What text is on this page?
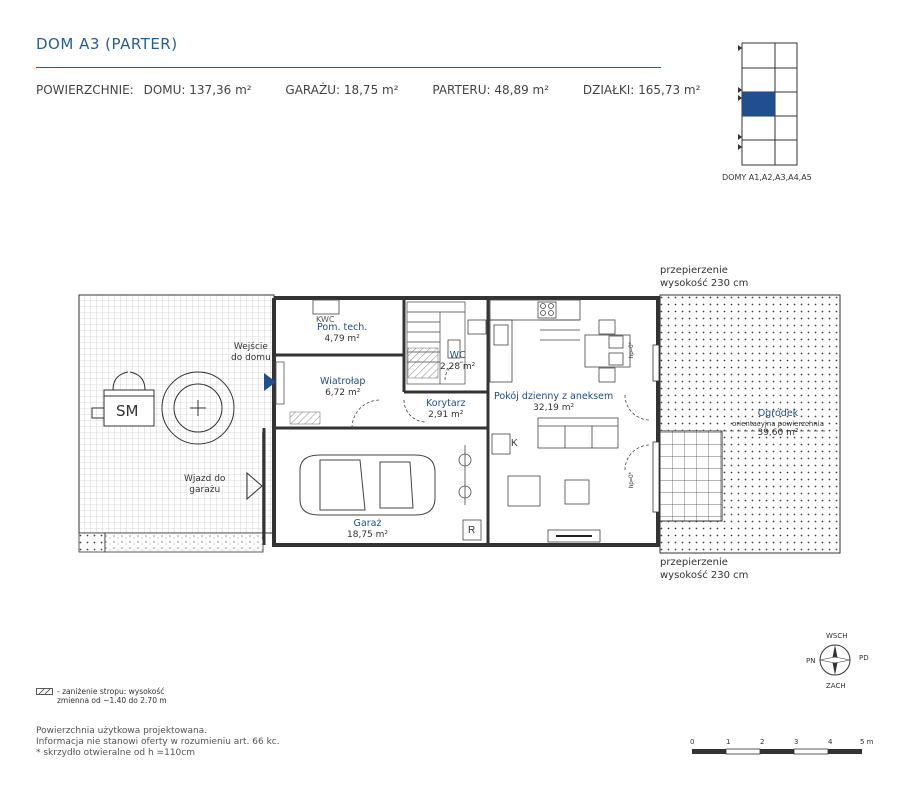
DOM A3 (PARTER)
POWIERZCHNIE: DOMU: 137,36 m²	GARAŻU: 18,75 m²	PARTERU: 48,89 m²	DZIAŁKI: 165,73 m²
DOMY A1,A2,A3,A4,A5
Pom. tech.
4,79 m²
KWC
Wiatrołap
6,72 m²
WC
2,28 m²
Korytarz
2,91 m²
Pokój dzienny z aneksem
32,19 m²
Garaż
18,75 m²
Ogródek
orientacyjna powierzchnia
39,60 m²
Wejście
do domu
Wjazd do
garażu
SM
K
R
hp=0*
hp=0*
przepierzenie
wysokość 230 cm
przepierzenie
wysokość 230 cm
WSCH
PN	PD
ZACH
- zaniżenie stropu: wysokość
zmienna od ~1.40 do 2.70 m
Powierzchnia użytkowa projektowana.
Informacja nie stanowi oferty w rozumieniu art. 66 kc.
* skrzydło otwieralne od h =110cm
0	1	2	3	4	5 m
